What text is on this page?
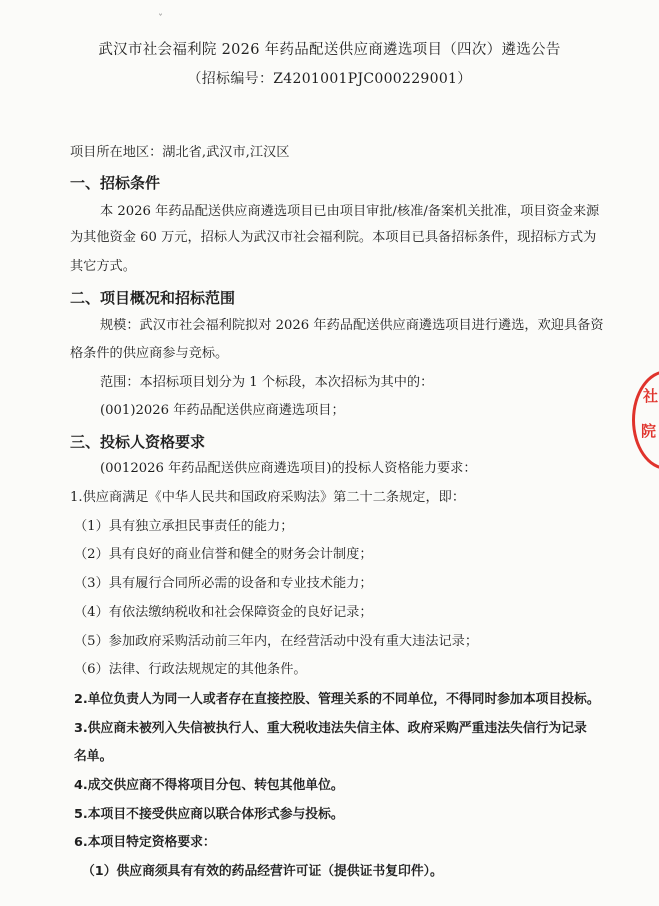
ˇ
武汉市社会福利院 2026 年药品配送供应商遴选项目（四次）遴选公告
（招标编号：Z4201001PJC000229001）
项目所在地区：湖北省,武汉市,江汉区
一、招标条件
本 2026 年药品配送供应商遴选项目已由项目审批/核准/备案机关批准，项目资金来源
为其他资金 60 万元，招标人为武汉市社会福利院。本项目已具备招标条件，现招标方式为
其它方式。
二、项目概况和招标范围
规模：武汉市社会福利院拟对 2026 年药品配送供应商遴选项目进行遴选，欢迎具备资
格条件的供应商参与竞标。
范围：本招标项目划分为 1 个标段，本次招标为其中的：
(001)2026 年药品配送供应商遴选项目；
三、投标人资格要求
(0012026 年药品配送供应商遴选项目)的投标人资格能力要求：
1.供应商满足《中华人民共和国政府采购法》第二十二条规定，即：
（1）具有独立承担民事责任的能力；
（2）具有良好的商业信誉和健全的财务会计制度；
（3）具有履行合同所必需的设备和专业技术能力；
（4）有依法缴纳税收和社会保障资金的良好记录；
（5）参加政府采购活动前三年内，在经营活动中没有重大违法记录；
（6）法律、行政法规规定的其他条件。
2.单位负责人为同一人或者存在直接控股、管理关系的不同单位，不得同时参加本项目投标。
3.供应商未被列入失信被执行人、重大税收违法失信主体、政府采购严重违法失信行为记录
名单。
4.成交供应商不得将项目分包、转包其他单位。
5.本项目不接受供应商以联合体形式参与投标。
6.本项目特定资格要求：
（1）供应商须具有有效的药品经营许可证（提供证书复印件）。
社
院
